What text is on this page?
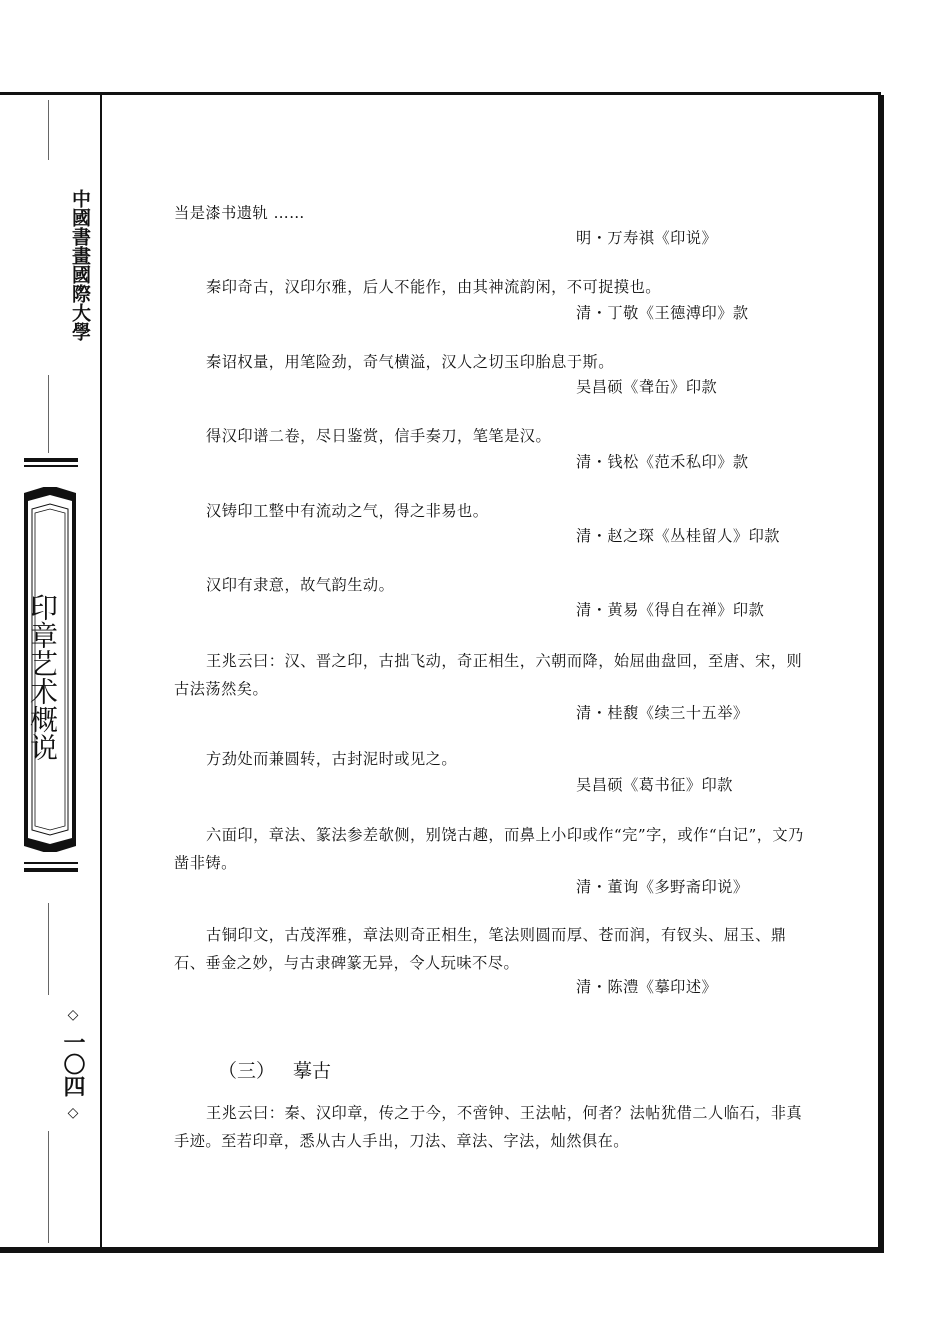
中國書畫國際大學
印章艺术概说
◇
一〇四
◇
当是漆书遗轨 ……
明・万寿祺《印说》
秦印奇古，汉印尔雅，后人不能作，由其神流韵闲，不可捉摸也。
清・丁敬《王德溥印》款
秦诏权量，用笔险劲，奇气横溢，汉人之切玉印胎息于斯。
吴昌硕《聋缶》印款
得汉印谱二卷，尽日鉴赏，信手奏刀，笔笔是汉。
清・钱松《范禾私印》款
汉铸印工整中有流动之气，得之非易也。
清・赵之琛《丛桂留人》印款
汉印有隶意，故气韵生动。
清・黄易《得自在禅》印款
王兆云曰：汉、晋之印，古拙飞动，奇正相生，六朝而降，始屈曲盘回，至唐、宋，则古法荡然矣。
清・桂馥《续三十五举》
方劲处而兼圆转，古封泥时或见之。
吴昌硕《葛书征》印款
六面印，章法、篆法参差欹侧，别饶古趣，而鼻上小印或作“完”字，或作“白记”，文乃凿非铸。
清・董询《多野斋印说》
古铜印文，古茂浑雅，章法则奇正相生，笔法则圆而厚、苍而润，有钗头、屈玉、鼎石、垂金之妙，与古隶碑篆无异，令人玩味不尽。
清・陈澧《摹印述》
（三） 摹古
王兆云曰：秦、汉印章，传之于今，不啻钟、王法帖，何者？法帖犹借二人临石，非真手迹。至若印章，悉从古人手出，刀法、章法、字法，灿然俱在。
